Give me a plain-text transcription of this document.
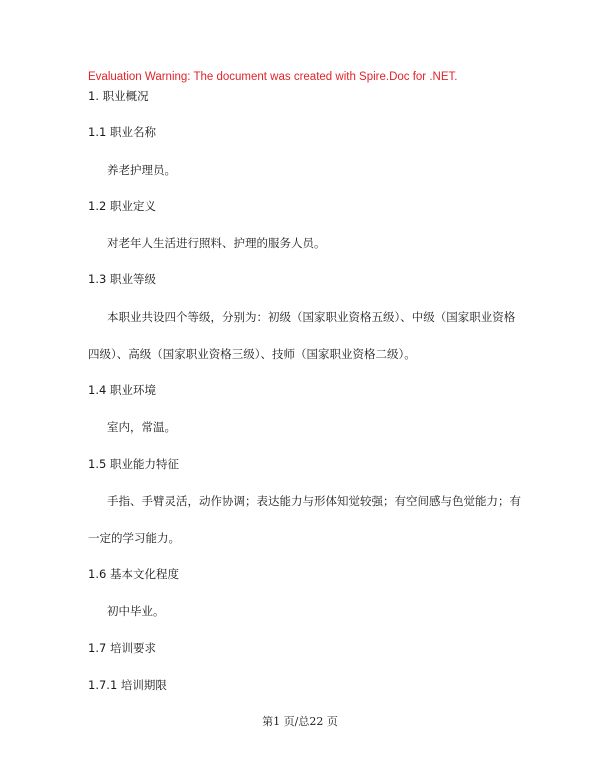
Evaluation Warning: The document was created with Spire.Doc for .NET.
1. 职业概况
1.1 职业名称
养老护理员。
1.2 职业定义
对老年人生活进行照料、护理的服务人员。
1.3 职业等级
本职业共设四个等级，分别为：初级（国家职业资格五级）、中级（国家职业资格
四级）、高级（国家职业资格三级）、技师（国家职业资格二级）。
1.4 职业环境
室内，常温。
1.5 职业能力特征
手指、手臂灵活，动作协调；表达能力与形体知觉较强；有空间感与色觉能力；有
一定的学习能力。
1.6 基本文化程度
初中毕业。
1.7 培训要求
1.7.1 培训期限
第1 页/总22 页
